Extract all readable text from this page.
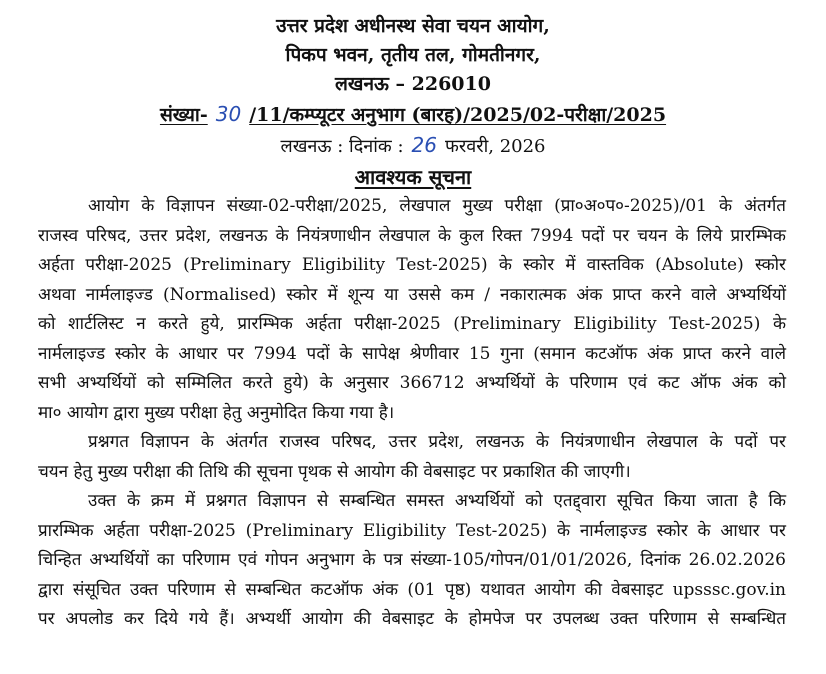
उत्तर प्रदेश अधीनस्थ सेवा चयन आयोग,
पिकप भवन, तृतीय तल, गोमतीनगर,
लखनऊ – 226010
संख्या- 30 /11/कम्प्यूटर अनुभाग (बारह)/2025/02-परीक्षा/2025
लखनऊ : दिनांक : 26 फरवरी, 2026
आवश्यक सूचना

आयोग के विज्ञापन संख्या-02-परीक्षा/2025, लेखपाल मुख्य परीक्षा (प्रा०अ०प०-2025)/01 के अंतर्गत
राजस्व परिषद, उत्तर प्रदेश, लखनऊ के नियंत्रणाधीन लेखपाल के कुल रिक्त 7994 पदों पर चयन के लिये प्रारम्भिक
अर्हता परीक्षा-2025 (Preliminary Eligibility Test-2025) के स्कोर में वास्तविक (Absolute) स्कोर
अथवा नार्मलाइज्ड (Normalised) स्कोर में शून्य या उससे कम / नकारात्मक अंक प्राप्त करने वाले अभ्यर्थियों
को शार्टलिस्ट न करते हुये, प्रारम्भिक अर्हता परीक्षा-2025 (Preliminary Eligibility Test-2025) के
नार्मलाइज्ड स्कोर के आधार पर 7994 पदों के सापेक्ष श्रेणीवार 15 गुना (समान कटऑफ अंक प्राप्त करने वाले
सभी अभ्यर्थियों को सम्मिलित करते हुये) के अनुसार 366712 अभ्यर्थियों के परिणाम एवं कट ऑफ अंक को
मा० आयोग द्वारा मुख्य परीक्षा हेतु अनुमोदित किया गया है।

प्रश्नगत विज्ञापन के अंतर्गत राजस्व परिषद, उत्तर प्रदेश, लखनऊ के नियंत्रणाधीन लेखपाल के पदों पर
चयन हेतु मुख्य परीक्षा की तिथि की सूचना पृथक से आयोग की वेबसाइट पर प्रकाशित की जाएगी।

उक्त के क्रम में प्रश्नगत विज्ञापन से सम्बन्धित समस्त अभ्यर्थियों को एतद्द्वारा सूचित किया जाता है कि
प्रारम्भिक अर्हता परीक्षा-2025 (Preliminary Eligibility Test-2025) के नार्मलाइज्ड स्कोर के आधार पर
चिन्हित अभ्यर्थियों का परिणाम एवं गोपन अनुभाग के पत्र संख्या-105/गोपन/01/01/2026, दिनांक 26.02.2026
द्वारा संसूचित उक्त परिणाम से सम्बन्धित कटऑफ अंक (01 पृष्ठ) यथावत आयोग की वेबसाइट upsssc.gov.in
पर अपलोड कर दिये गये हैं। अभ्यर्थी आयोग की वेबसाइट के होमपेज पर उपलब्ध उक्त परिणाम से सम्बन्धित
